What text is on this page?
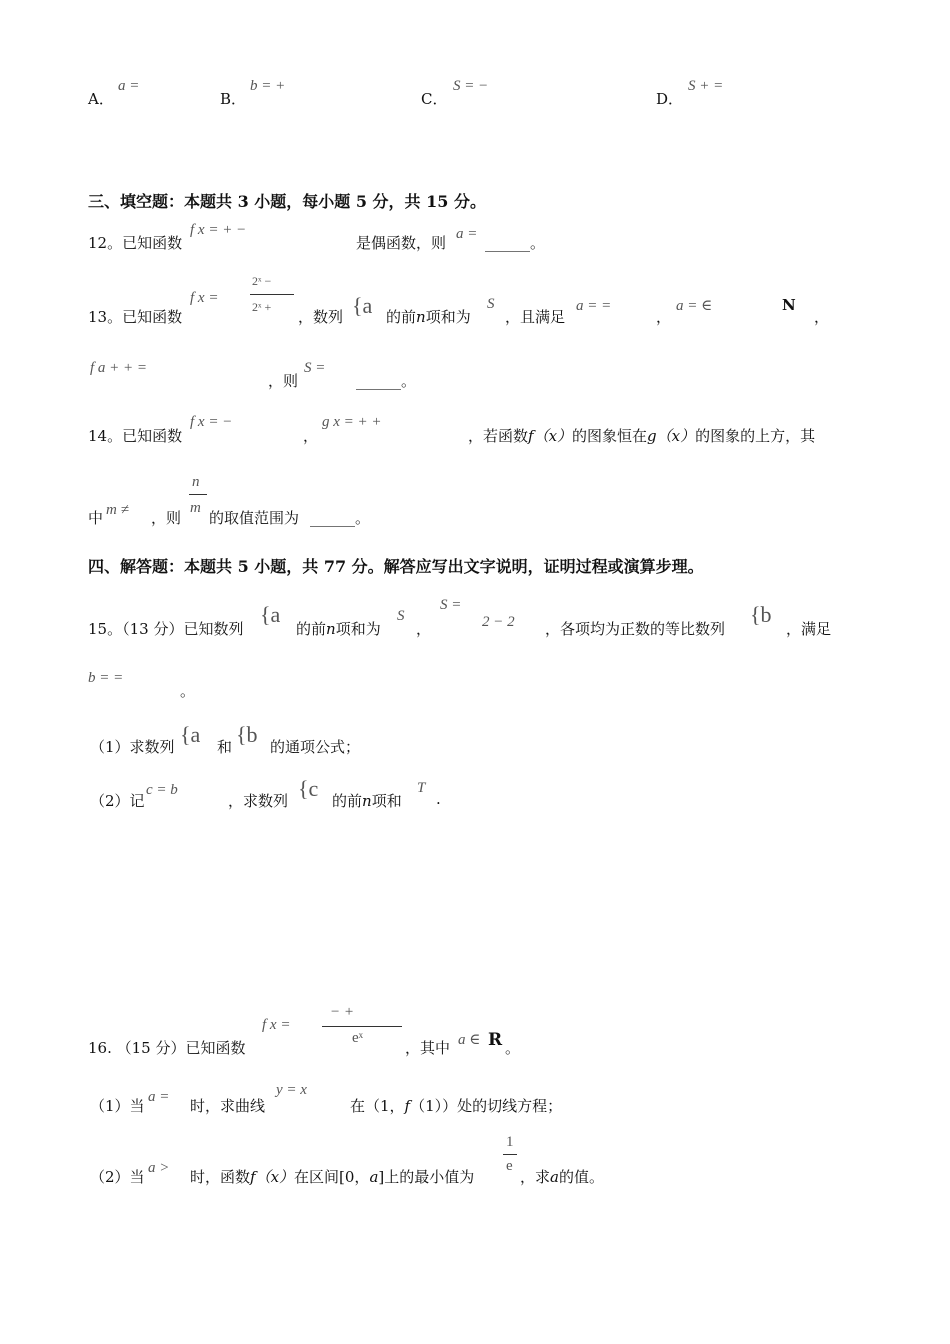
A．
a =
B．
b = +
C．
S = −
D．
S + =
三、填空题：本题共 3 小题，每小题 5 分，共 15 分。
12。已知函数
f x = + −
是偶函数，则 a = ______。
13。已知函数
f x =
2ˣ −
2ˣ +
，数列 {a 的前n项和为
S
，且满足
a = =
，
a = ∈	N
，
f a + + =
，则
S =
______。
14。已知函数
f x = −
，
g x = + +
，若函数f（x）的图象恒在g（x）的图象的上方，其
中 m ≠ ，则
n
m
的取值范围为 ______。
四、解答题：本题共 5 小题，共 77 分。解答应写出文字说明，证明过程或演算步理。
15。（13 分）已知数列
{a
的前n项和为
S
，
S =
2 − 2 ，各项均为正数的等比数列
{b
，满足
b = =
。
（1）求数列 {a 和 {b 的通项公式；
（2）记
c = b
，求数列 {c 的前n项和
T
.
16. （15 分）已知函数
f x =
− +
eˣ
，其中 a ∈ R 。
（1）当 a = 时，求曲线
y = x
在（1，f（1））处的切线方程；
（2）当 a > 时，函数f（x）在区间[0，a]上的最小值为
1
e
，求a的值。
